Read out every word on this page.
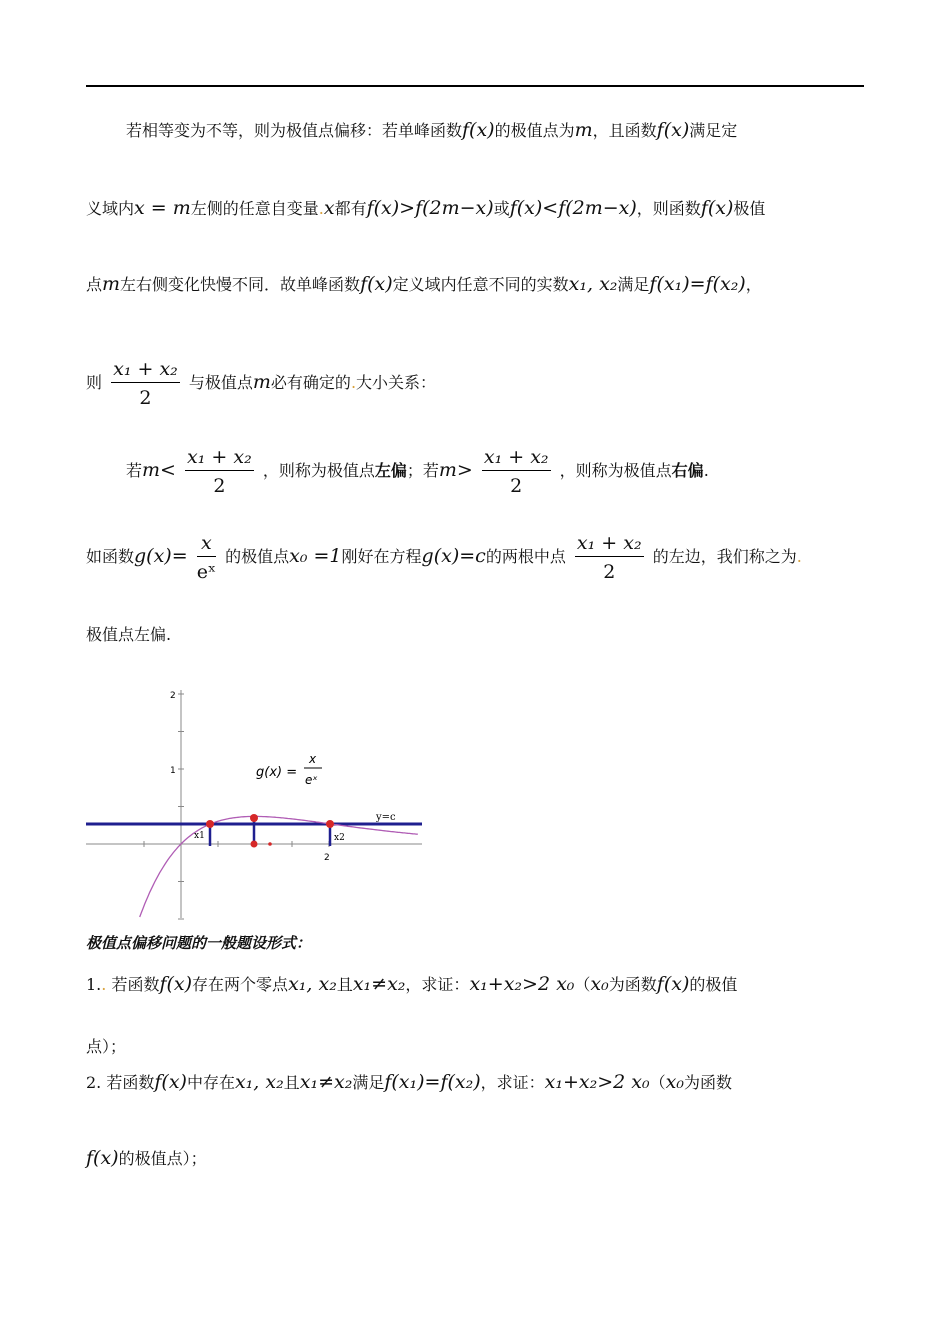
若相等变为不等，则为极值点偏移：若单峰函数f(x)的极值点为m，且函数f(x)满足定
义域内x = m左侧的任意自变量.x都有f(x)>f(2m−x)或f(x)<f(2m−x)，则函数f(x)极值
点m左右侧变化快慢不同．故单峰函数f(x)定义域内任意不同的实数x₁, x₂满足f(x₁)=f(x₂)，
则 $\frac{\text{x₁ + x₂}}{2}$ 与极值点m必有确定的.大小关系：
若$m< \frac{\text{x₁ + x₂}}{2}$ ，则称为极值点左偏；若$m> \frac{\text{x₁ + x₂}}{2}$ ，则称为极值点右偏.
如函数$g(x)= \frac{x}{\text{eˣ}}$ 的极值点x₀ =1刚好在方程g(x)=c的两根中点 $\frac{\text{x₁ + x₂}}{2}$ 的左边，我们称之为.
极值点左偏.
2
1
2
y=c
x1	x2
g(x) =
x
eˣ
极值点偏移问题的一般题设形式：
1.. 若函数f(x)存在两个零点x₁, x₂且x₁≠x₂，求证：x₁+x₂>2 x₀（x₀为函数f(x)的极值
点）；
2. 若函数f(x)中存在x₁, x₂且x₁≠x₂满足f(x₁)=f(x₂)，求证：x₁+x₂>2 x₀（x₀为函数
f(x)的极值点）；
